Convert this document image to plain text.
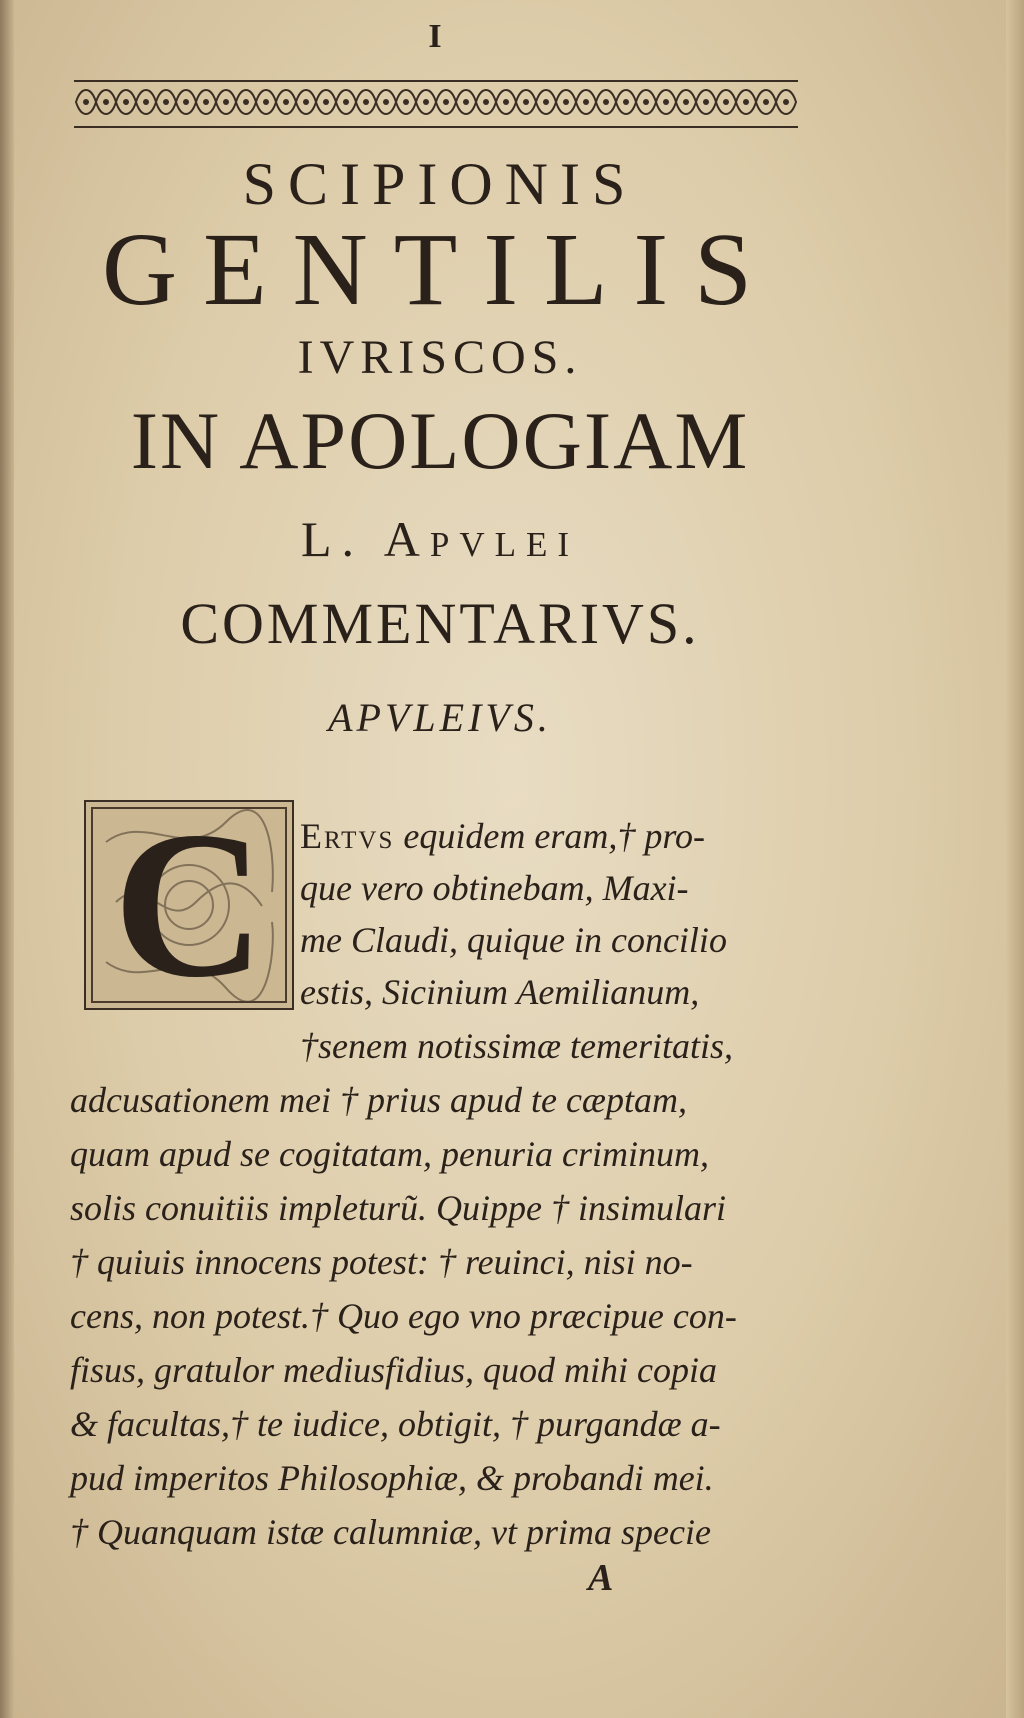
I
SCIPIONIS
GENTILIS
IVRISCOS.
IN APOLOGIAM
L. Apvlei
COMMENTARIVS.
APVLEIVS.
C Ertvs equidem eram,† pro-
que vero obtinebam, Maxi-
me Claudi, quique in concilio
estis, Sicinium Aemilianum,
†senem notissimæ temeritatis,
adcusationem mei † prius apud te cæptam,
quam apud se cogitatam, penuria criminum,
solis conuitiis impleturũ. Quippe † insimulari
† quiuis innocens potest: † reuinci, nisi no-
cens, non potest.† Quo ego vno præcipue con-
fisus, gratulor mediusfidius, quod mihi copia
& facultas,† te iudice, obtigit, † purgandæ a-
pud imperitos Philosophiæ, & probandi mei.
† Quanquam istæ calumniæ, vt prima specie
A
